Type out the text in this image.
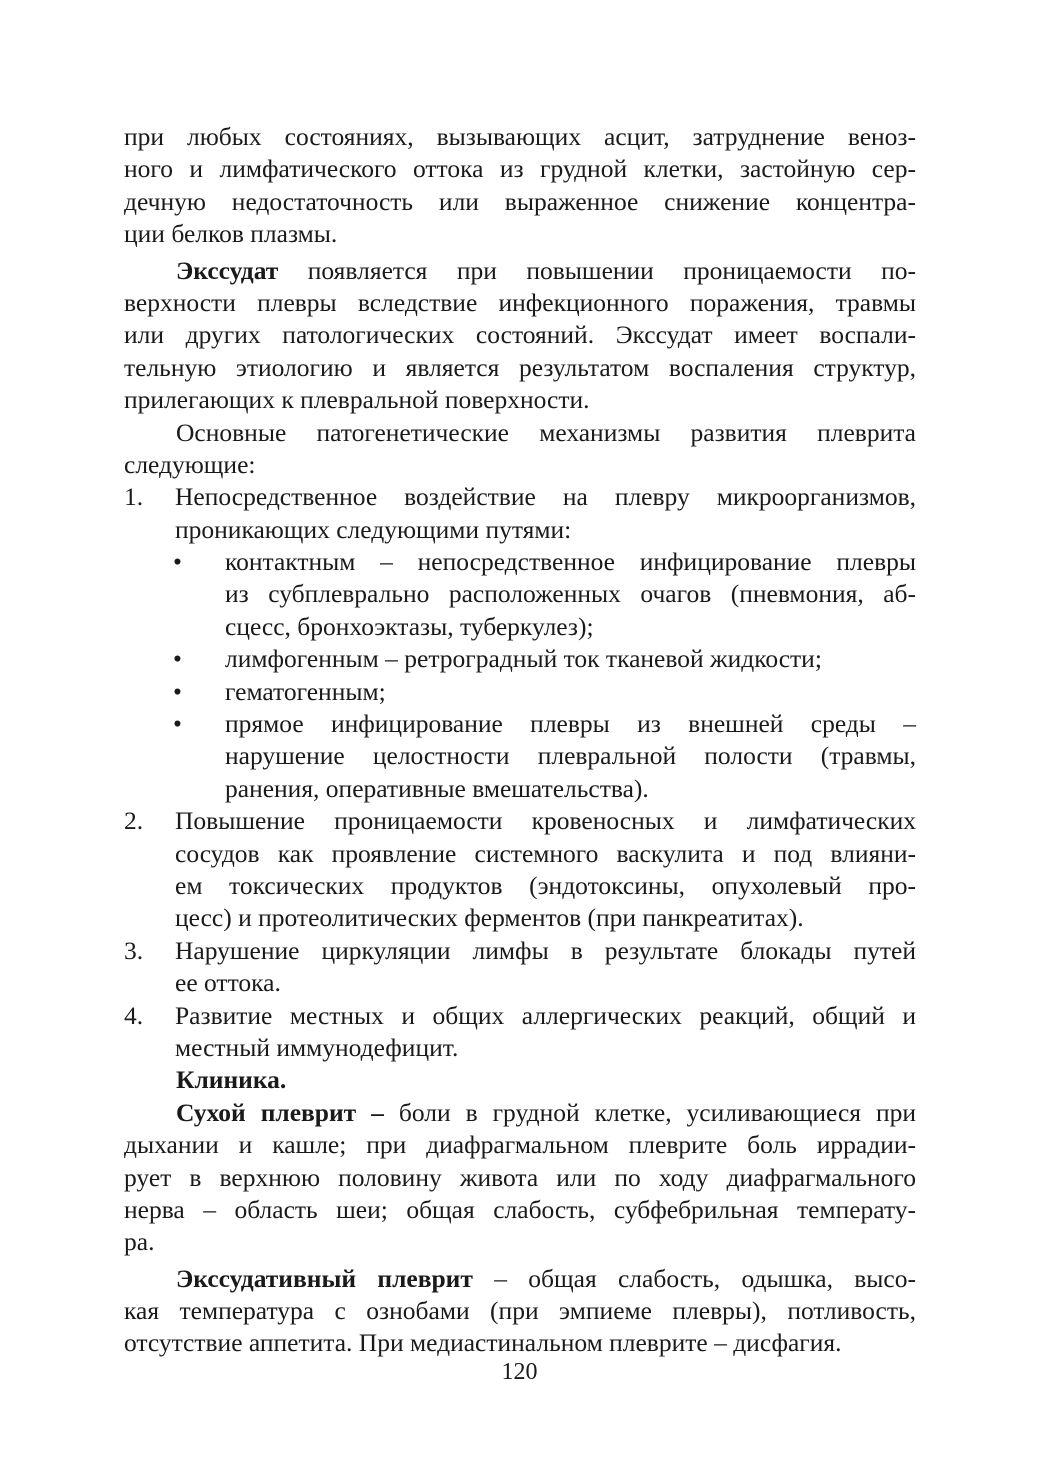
при любых состояниях, вызывающих асцит, затруднение веноз-
ного и лимфатического оттока из грудной клетки, застойную сер-
дечную недостаточность или выраженное снижение концентра-
ции белков плазмы.
Экссудат появляется при повышении проницаемости по-
верхности плевры вследствие инфекционного поражения, травмы
или других патологических состояний. Экссудат имеет воспали-
тельную этиологию и является результатом воспаления структур,
прилегающих к плевральной поверхности.
Основные патогенетические механизмы развития плеврита
следующие:
1. Непосредственное воздействие на плевру микроорганизмов,
проникающих следующими путями:
• контактным – непосредственное инфицирование плевры
из субплеврально расположенных очагов (пневмония, аб-
сцесс, бронхоэктазы, туберкулез);
• лимфогенным – ретроградный ток тканевой жидкости;
• гематогенным;
• прямое инфицирование плевры из внешней среды –
нарушение целостности плевральной полости (травмы,
ранения, оперативные вмешательства).
2. Повышение проницаемости кровеносных и лимфатических
сосудов как проявление системного васкулита и под влияни-
ем токсических продуктов (эндотоксины, опухолевый про-
цесс) и протеолитических ферментов (при панкреатитах).
3. Нарушение циркуляции лимфы в результате блокады путей
ее оттока.
4. Развитие местных и общих аллергических реакций, общий и
местный иммунодефицит.
Клиника.
Сухой плеврит – боли в грудной клетке, усиливающиеся при
дыхании и кашле; при диафрагмальном плеврите боль иррадии-
рует в верхнюю половину живота или по ходу диафрагмального
нерва – область шеи; общая слабость, субфебрильная температу-
ра.
Экссудативный плеврит – общая слабость, одышка, высо-
кая температура с ознобами (при эмпиеме плевры), потливость,
отсутствие аппетита. При медиастинальном плеврите – дисфагия.
120
